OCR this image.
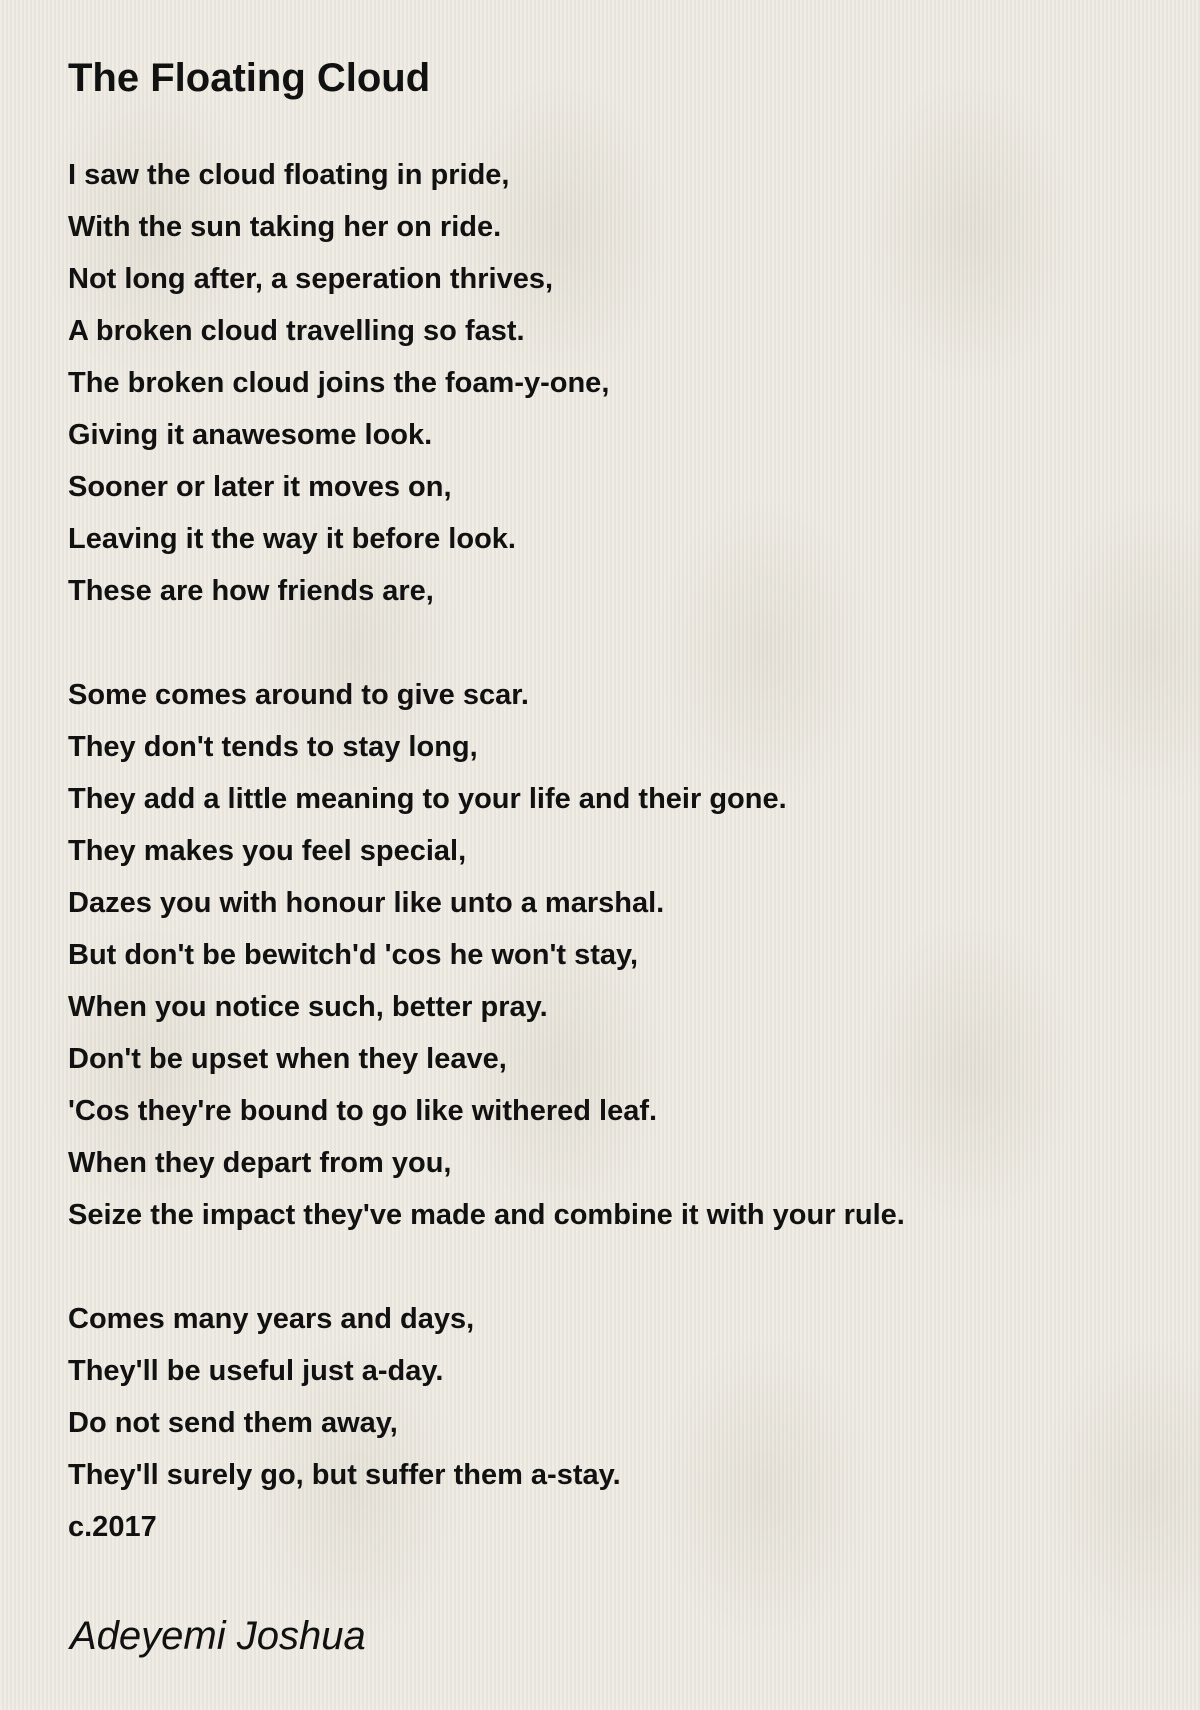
The Floating Cloud
I saw the cloud floating in pride,
With the sun taking her on ride.
Not long after, a seperation thrives,
A broken cloud travelling so fast.
The broken cloud joins the foam-y-one,
Giving it anawesome look.
Sooner or later it moves on,
Leaving it the way it before look.
These are how friends are,
Some comes around to give scar.
They don't tends to stay long,
They add a little meaning to your life and their gone.
They makes you feel special,
Dazes you with honour like unto a marshal.
But don't be bewitch'd 'cos he won't stay,
When you notice such, better pray.
Don't be upset when they leave,
'Cos they're bound to go like withered leaf.
When they depart from you,
Seize the impact they've made and combine it with your rule.
Comes many years and days,
They'll be useful just a-day.
Do not send them away,
They'll surely go, but suffer them a-stay.
c.2017
Adeyemi Joshua
